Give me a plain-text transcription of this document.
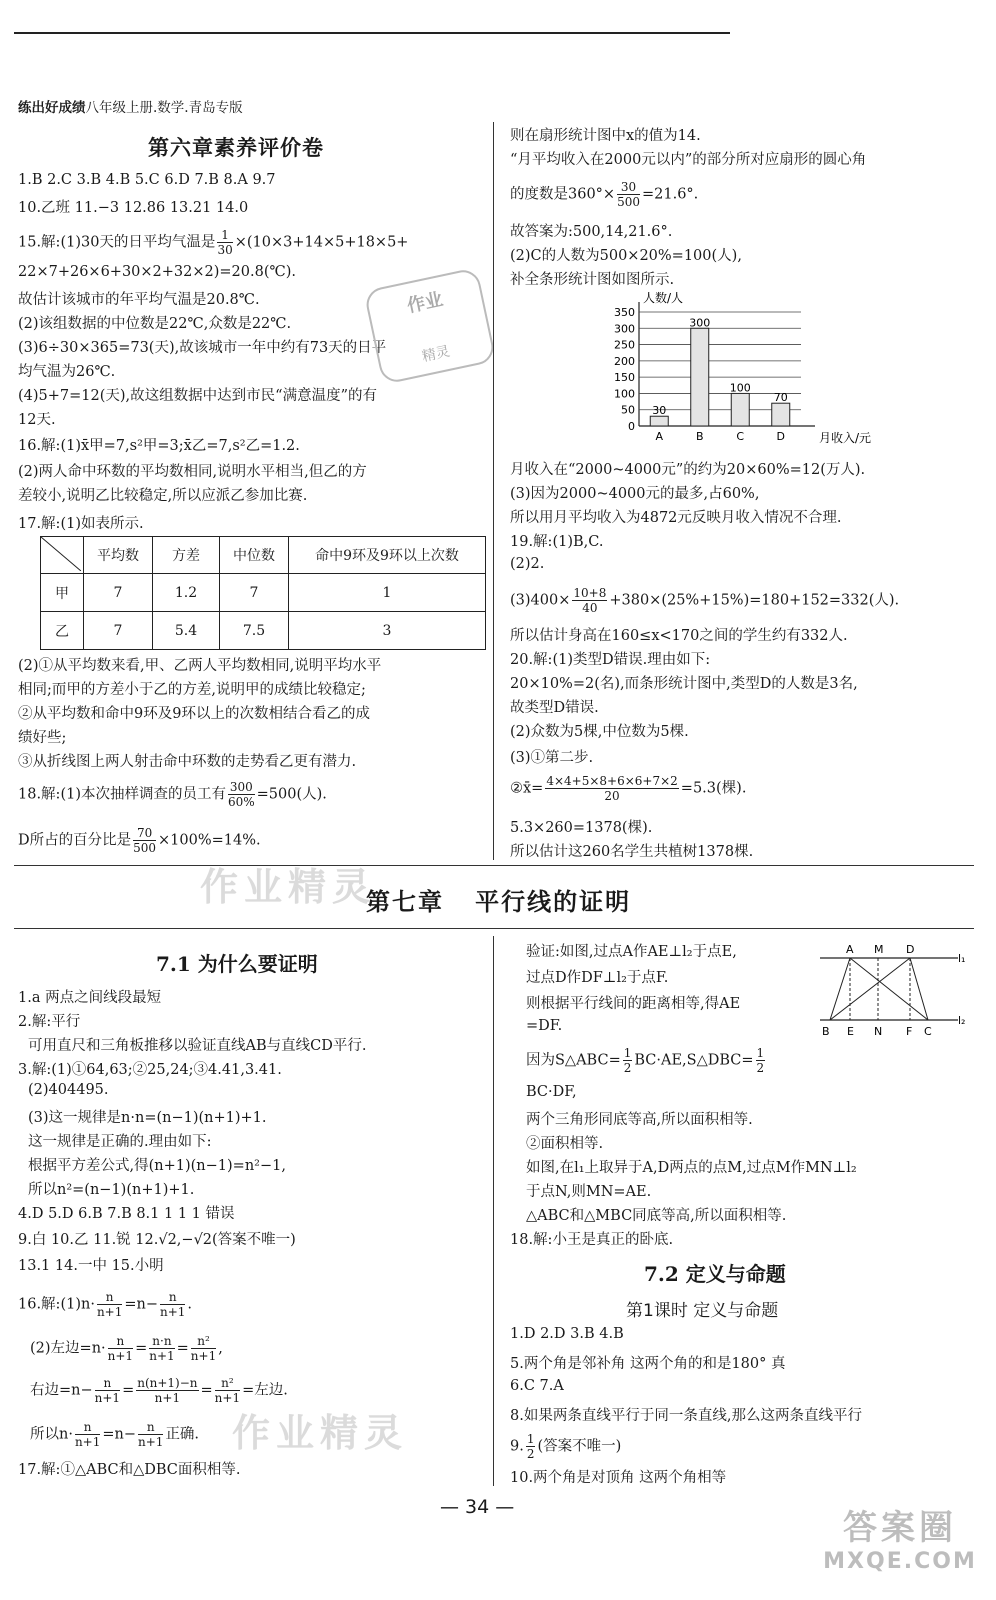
练出好成绩八年级上册.数学.青岛专版
第六章素养评价卷
1.B 2.C 3.B 4.B 5.C 6.D 7.B 8.A 9.7
10.乙班 11.−3 12.86 13.21 14.0
15.解:(1)30天的日平均气温是 $\frac{1}{30} \times(10\times 3+14\times 5+18\times 5+$
22×7+26×6+30×2+32×2)=20.8(℃).
故估计该城市的年平均气温是20.8℃.
(2)该组数据的中位数是22℃,众数是22℃.
(3)6÷30×365=73(天),故该城市一年中约有73天的日平
均气温为26℃.
(4)5+7=12(天),故这组数据中达到市民“满意温度”的有
12天.
16.解:(1)x̄甲=7,s²甲=3;x̄乙=7,s²乙=1.2.
(2)两人命中环数的平均数相同,说明水平相当,但乙的方
差较小,说明乙比较稳定,所以应派乙参加比赛.
17.解:(1)如表所示.
作业
精灵
	平均数	方差	中位数	命中9环及9环以上次数
甲	7	1.2	7	1
乙	7	5.4	7.5	3
(2)①从平均数来看,甲、乙两人平均数相同,说明平均水平
相同;而甲的方差小于乙的方差,说明甲的成绩比较稳定;
②从平均数和命中9环及9环以上的次数相结合看乙的成
绩好些;
③从折线图上两人射击命中环数的走势看乙更有潜力.
18.解:(1)本次抽样调查的员工有 $\frac{300}{60\%} =500$(人).
D所占的百分比是 $\frac{70}{500} \times 100\%=14\%$.
则在扇形统计图中x的值为14.
“月平均收入在2000元以内”的部分所对应扇形的圆心角
的度数是$360^\circ\times \frac{30}{500} =21.6^\circ$.
故答案为:500,14,21.6°.
(2)C的人数为500×20%=100(人),
补全条形统计图如图所示.
人数/人
月收入/元
0
50
100
150
200
250
300
350
30
A
300
B
100
C
70
D
月收入在“2000~4000元”的约为20×60%=12(万人).
(3)因为2000~4000元的最多,占60%,
所以用月平均收入为4872元反映月收入情况不合理.
19.解:(1)B,C.
(2)2.
$(3)400\times \frac{10+8}{40} +380\times(25\%+15\%)=180+152=332$(人).
所以估计身高在160≤x<170之间的学生约有332人.
20.解:(1)类型D错误.理由如下:
20×10%=2(名),而条形统计图中,类型D的人数是3名,
故类型D错误.
(2)众数为5棵,中位数为5棵.
(3)①第二步.
②x̄= $\frac{4\times 4+5\times 8+6\times 6+7\times 2}{20} =5.3$(棵).
5.3×260=1378(棵).
所以估计这260名学生共植树1378棵.
作业精灵
作业精灵
第七章 平行线的证明
7.1 为什么要证明
1.a 两点之间线段最短
2.解:平行
可用直尺和三角板推移以验证直线AB与直线CD平行.
3.解:(1)①64,63;②25,24;③4.41,3.41.
(2)404495.
(3)这一规律是n·n=(n−1)(n+1)+1.
这一规律是正确的.理由如下:
根据平方差公式,得(n+1)(n−1)=n²−1,
所以n²=(n−1)(n+1)+1.
4.D 5.D 6.B 7.B 8.1 1 1 1 错误
9.白 10.乙 11.锐 12.√2,−√2(答案不唯一)
13.1 14.一中 15.小明
16.解:(1)n· $\frac{n}{n+1} =n- \frac{n}{n+1}$ .
(2)左边$=n\cdot \frac{n}{n+1} = \frac{n\cdot n}{n+1} = \frac{\text{n²}}{n+1}$ ,
右边$=n- \frac{n}{n+1} = \frac{n(n+1)-n}{n+1} = \frac{\text{n²}}{n+1}$ =左边.
所以$n\cdot \frac{n}{n+1} =n- \frac{n}{n+1}$ 正确.
17.解:①△ABC和△DBC面积相等.
验证:如图,过点A作AE⊥l₂于点E,
过点D作DF⊥l₂于点F.
则根据平行线间的距离相等,得AE
=DF.
因为S△ABC= $\frac{1}{2}$ BC·AE,S△DBC= $\frac{1}{2}$
BC·DF,
两个三角形同底等高,所以面积相等.
②面积相等.
如图,在l₁上取异于A,D两点的点M,过点M作MN⊥l₂
于点N,则MN=AE.
△ABC和△MBC同底等高,所以面积相等.
18.解:小王是真正的卧底.
7.2 定义与命题
第1课时 定义与命题
1.D 2.D 3.B 4.B
5.两个角是邻补角 这两个角的和是180° 真
6.C 7.A
8.如果两条直线平行于同一条直线,那么这两条直线平行
9. $\frac{1}{2}$ (答案不唯一)
10.两个角是对顶角 这两个角相等
A M D
B E N F C
l₁
l₂
— 34 —
答案圈
MXQE.COM
